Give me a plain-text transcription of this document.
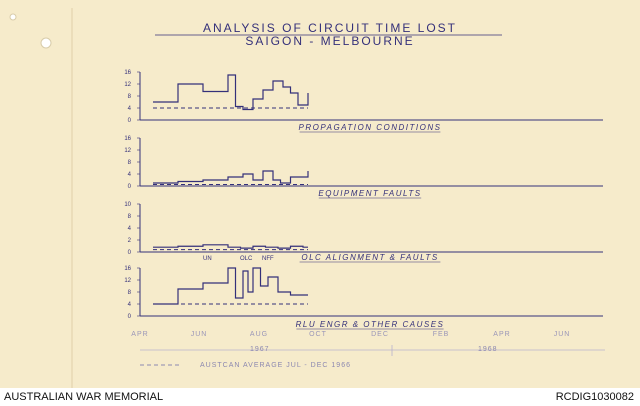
ANALYSIS OF CIRCUIT TIME LOST
SAIGON - MELBOURNE
16
12
8
4
0
PROPAGATION CONDITIONS
16
12
8
4
0
EQUIPMENT FAULTS
10
8
4
2
0	OLC ALIGNMENT & FAULTS
16
12
8
4
0
RLU ENGR & OTHER CAUSES
UN	OLC NFF
APR	JUN	AUG	OCT	DEC	FEB	APR	JUN
1967	1968
AUSTCAN AVERAGE JUL - DEC 1966
AUSTRALIAN WAR MEMORIAL	RCDIG1030082
